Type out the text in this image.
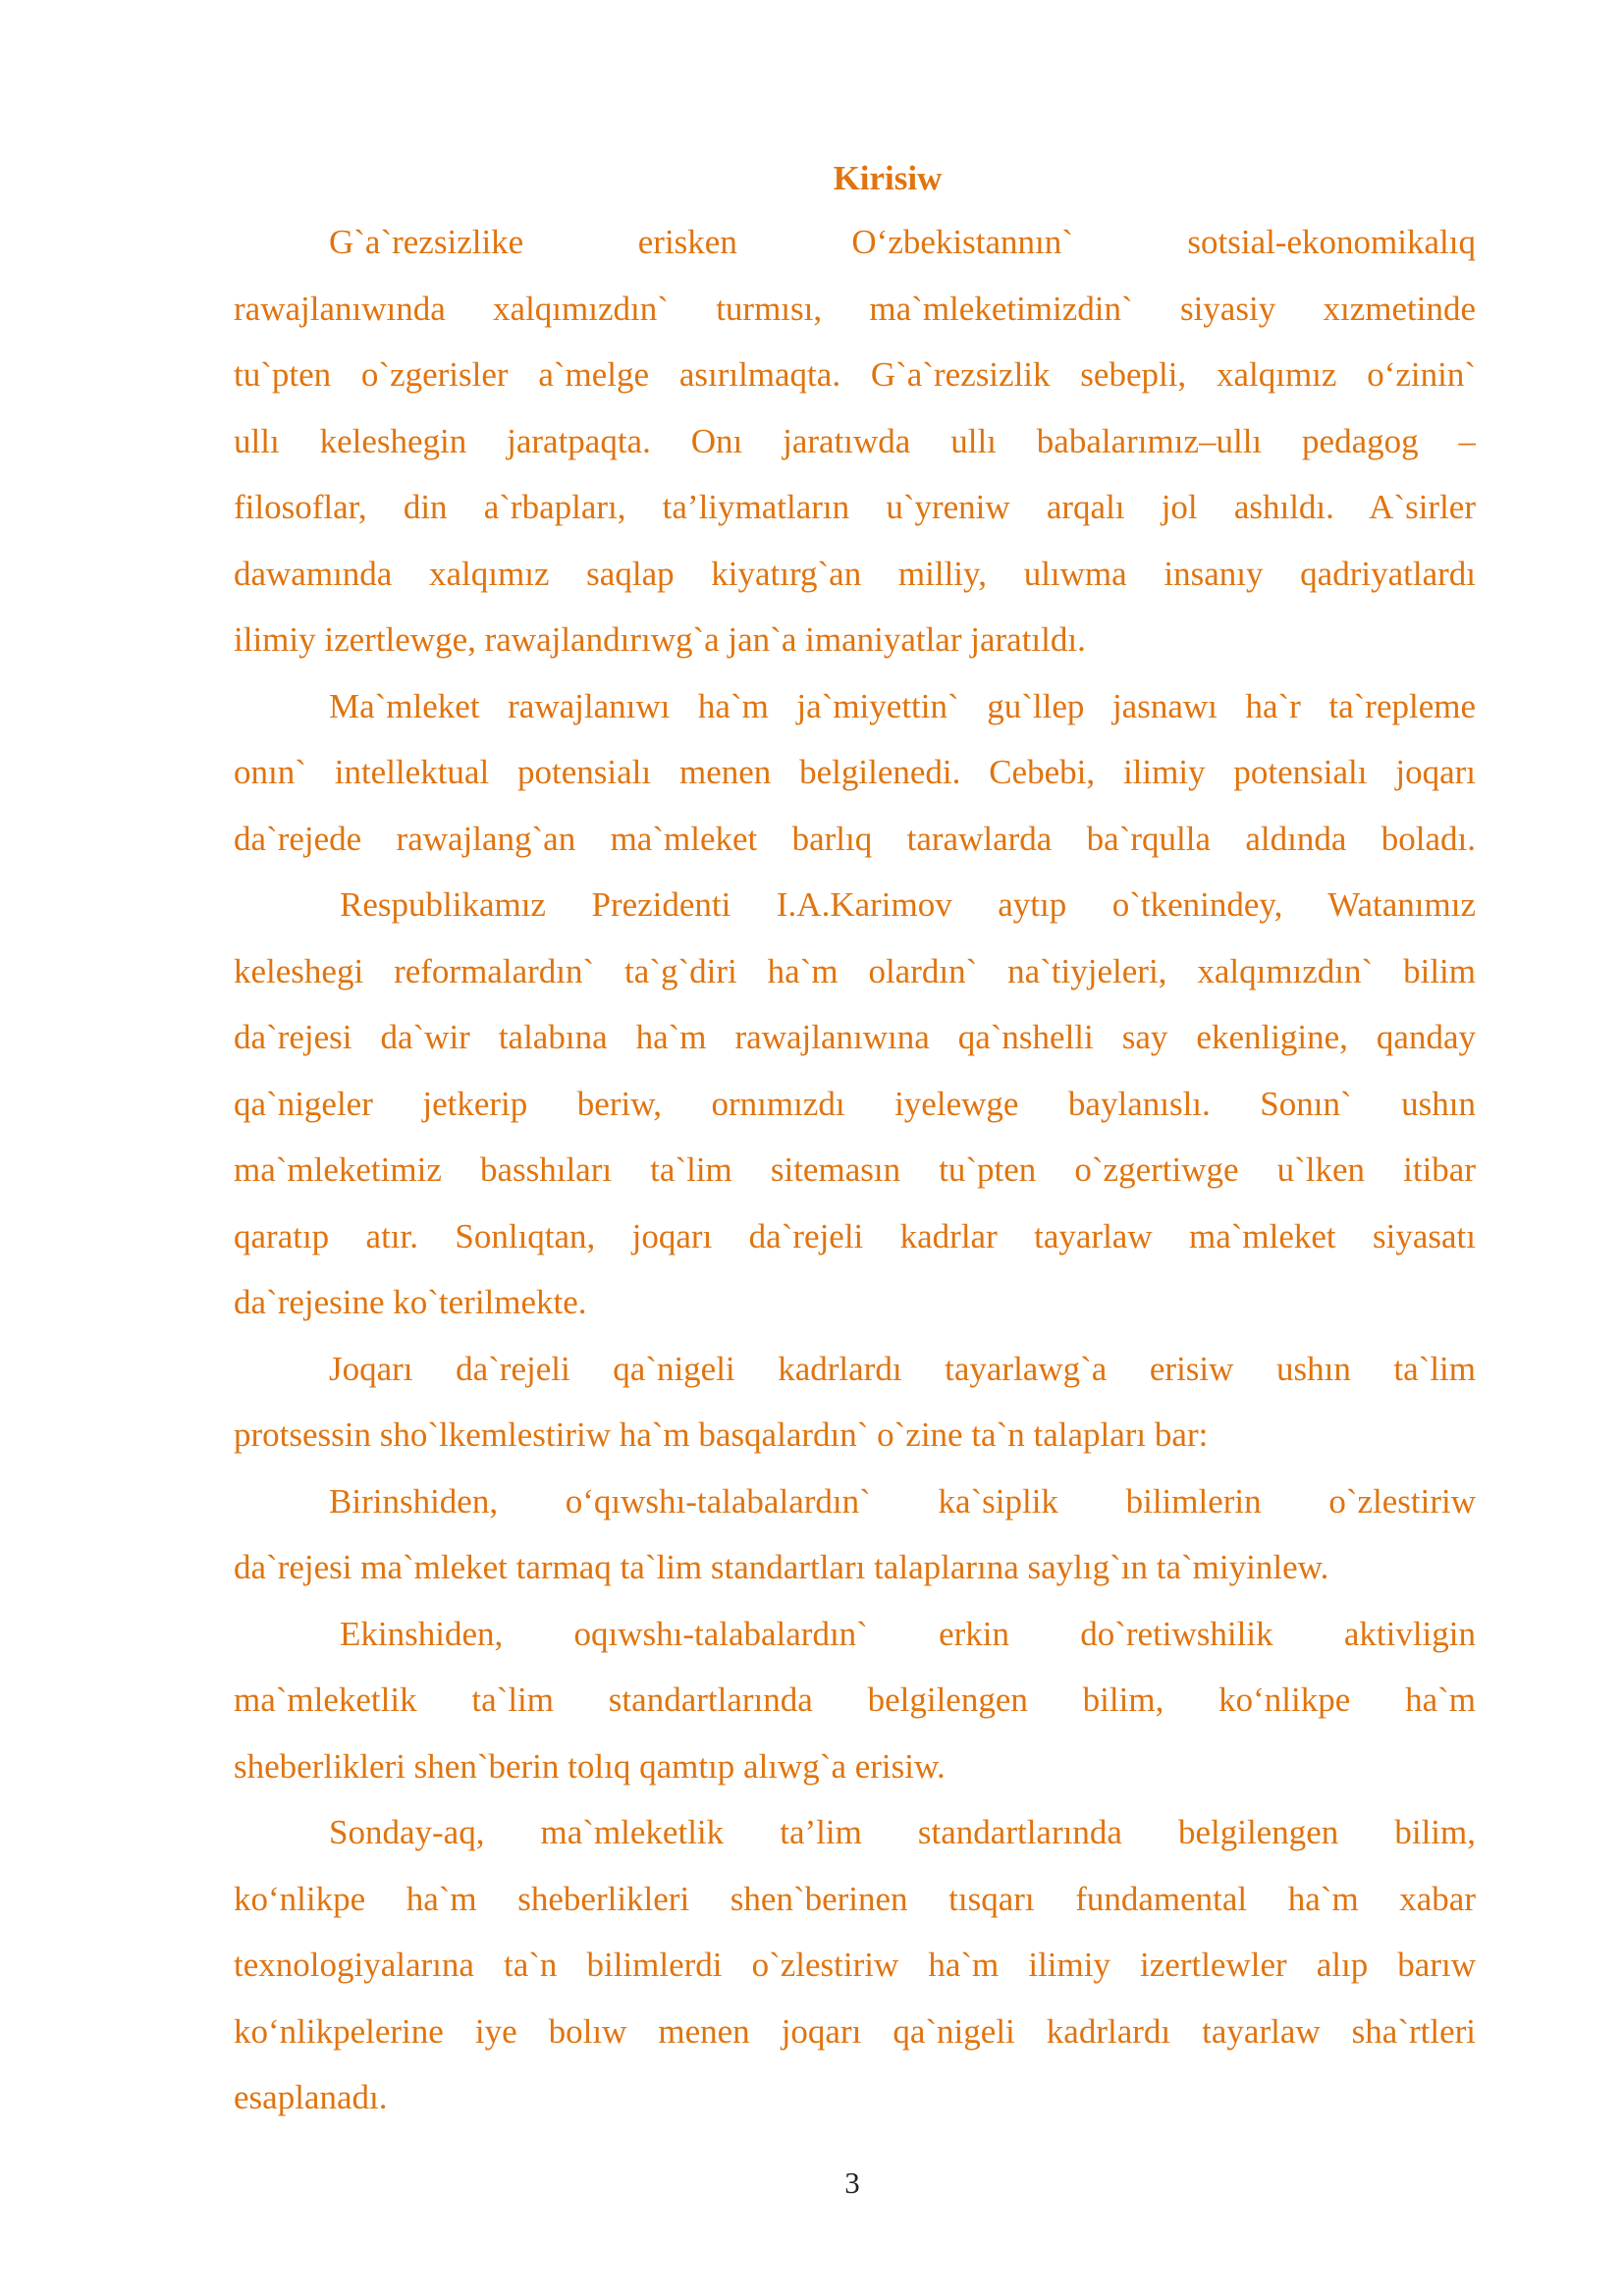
Kirisiw
G`a`rezsizlike erisken O‘zbekistannın` sotsial-ekonomikalıq
rawajlanıwında xalqımızdın` turmısı, ma`mleketimizdin` siyasiy xızmetinde
tu`pten o`zgerisler a`melge asırılmaqta. G`a`rezsizlik sebepli, xalqımız o‘zinin`
ullı keleshegin jaratpaqta. Onı jaratıwda ullı babalarımız–ullı pedagog –
filosoflar, din a`rbapları, ta’liymatların u`yreniw arqalı jol ashıldı. A`sirler
dawamında xalqımız saqlap kiyatırg`an milliy, ulıwma insanıy qadriyatlardı
ilimiy izertlewge, rawajlandırıwg`a jan`a imaniyatlar jaratıldı.
Ma`mleket rawajlanıwı ha`m ja`miyettin` gu`llep jasnawı ha`r ta`repleme
onın` intellektual potensialı menen belgilenedi. Cebebi, ilimiy potensialı joqarı
da`rejede rawajlang`an ma`mleket barlıq tarawlarda ba`rqulla aldında boladı.
Respublikamız Prezidenti I.A.Karimov aytıp o`tkenindey, Watanımız
keleshegi reformalardın` ta`g`diri ha`m olardın` na`tiyjeleri, xalqımızdın` bilim
da`rejesi da`wir talabına ha`m rawajlanıwına qa`nshelli say ekenligine, qanday
qa`nigeler jetkerip beriw, ornımızdı iyelewge baylanıslı. Sonın` ushın
ma`mleketimiz basshıları ta`lim sitemasın tu`pten o`zgertiwge u`lken itibar
qaratıp atır. Sonlıqtan, joqarı da`rejeli kadrlar tayarlaw ma`mleket siyasatı
da`rejesine ko`terilmekte.
Joqarı da`rejeli qa`nigeli kadrlardı tayarlawg`a erisiw ushın ta`lim
protsessin sho`lkemlestiriw ha`m basqalardın` o`zine ta`n talapları bar:
Birinshiden, o‘qıwshı-talabalardın` ka`siplik bilimlerin o`zlestiriw
da`rejesi ma`mleket tarmaq ta`lim standartları talaplarına saylıg`ın ta`miyinlew.
Ekinshiden, oqıwshı-talabalardın` erkin do`retiwshilik aktivligin
ma`mleketlik ta`lim standartlarında belgilengen bilim, ko‘nlikpe ha`m
sheberlikleri shen`berin tolıq qamtıp alıwg`a erisiw.
Sonday-aq, ma`mleketlik ta’lim standartlarında belgilengen bilim,
ko‘nlikpe ha`m sheberlikleri shen`berinen tısqarı fundamental ha`m xabar
texnologiyalarına ta`n bilimlerdi o`zlestiriw ha`m ilimiy izertlewler alıp barıw
ko‘nlikpelerine iye bolıw menen joqarı qa`nigeli kadrlardı tayarlaw sha`rtleri
esaplanadı.
3
